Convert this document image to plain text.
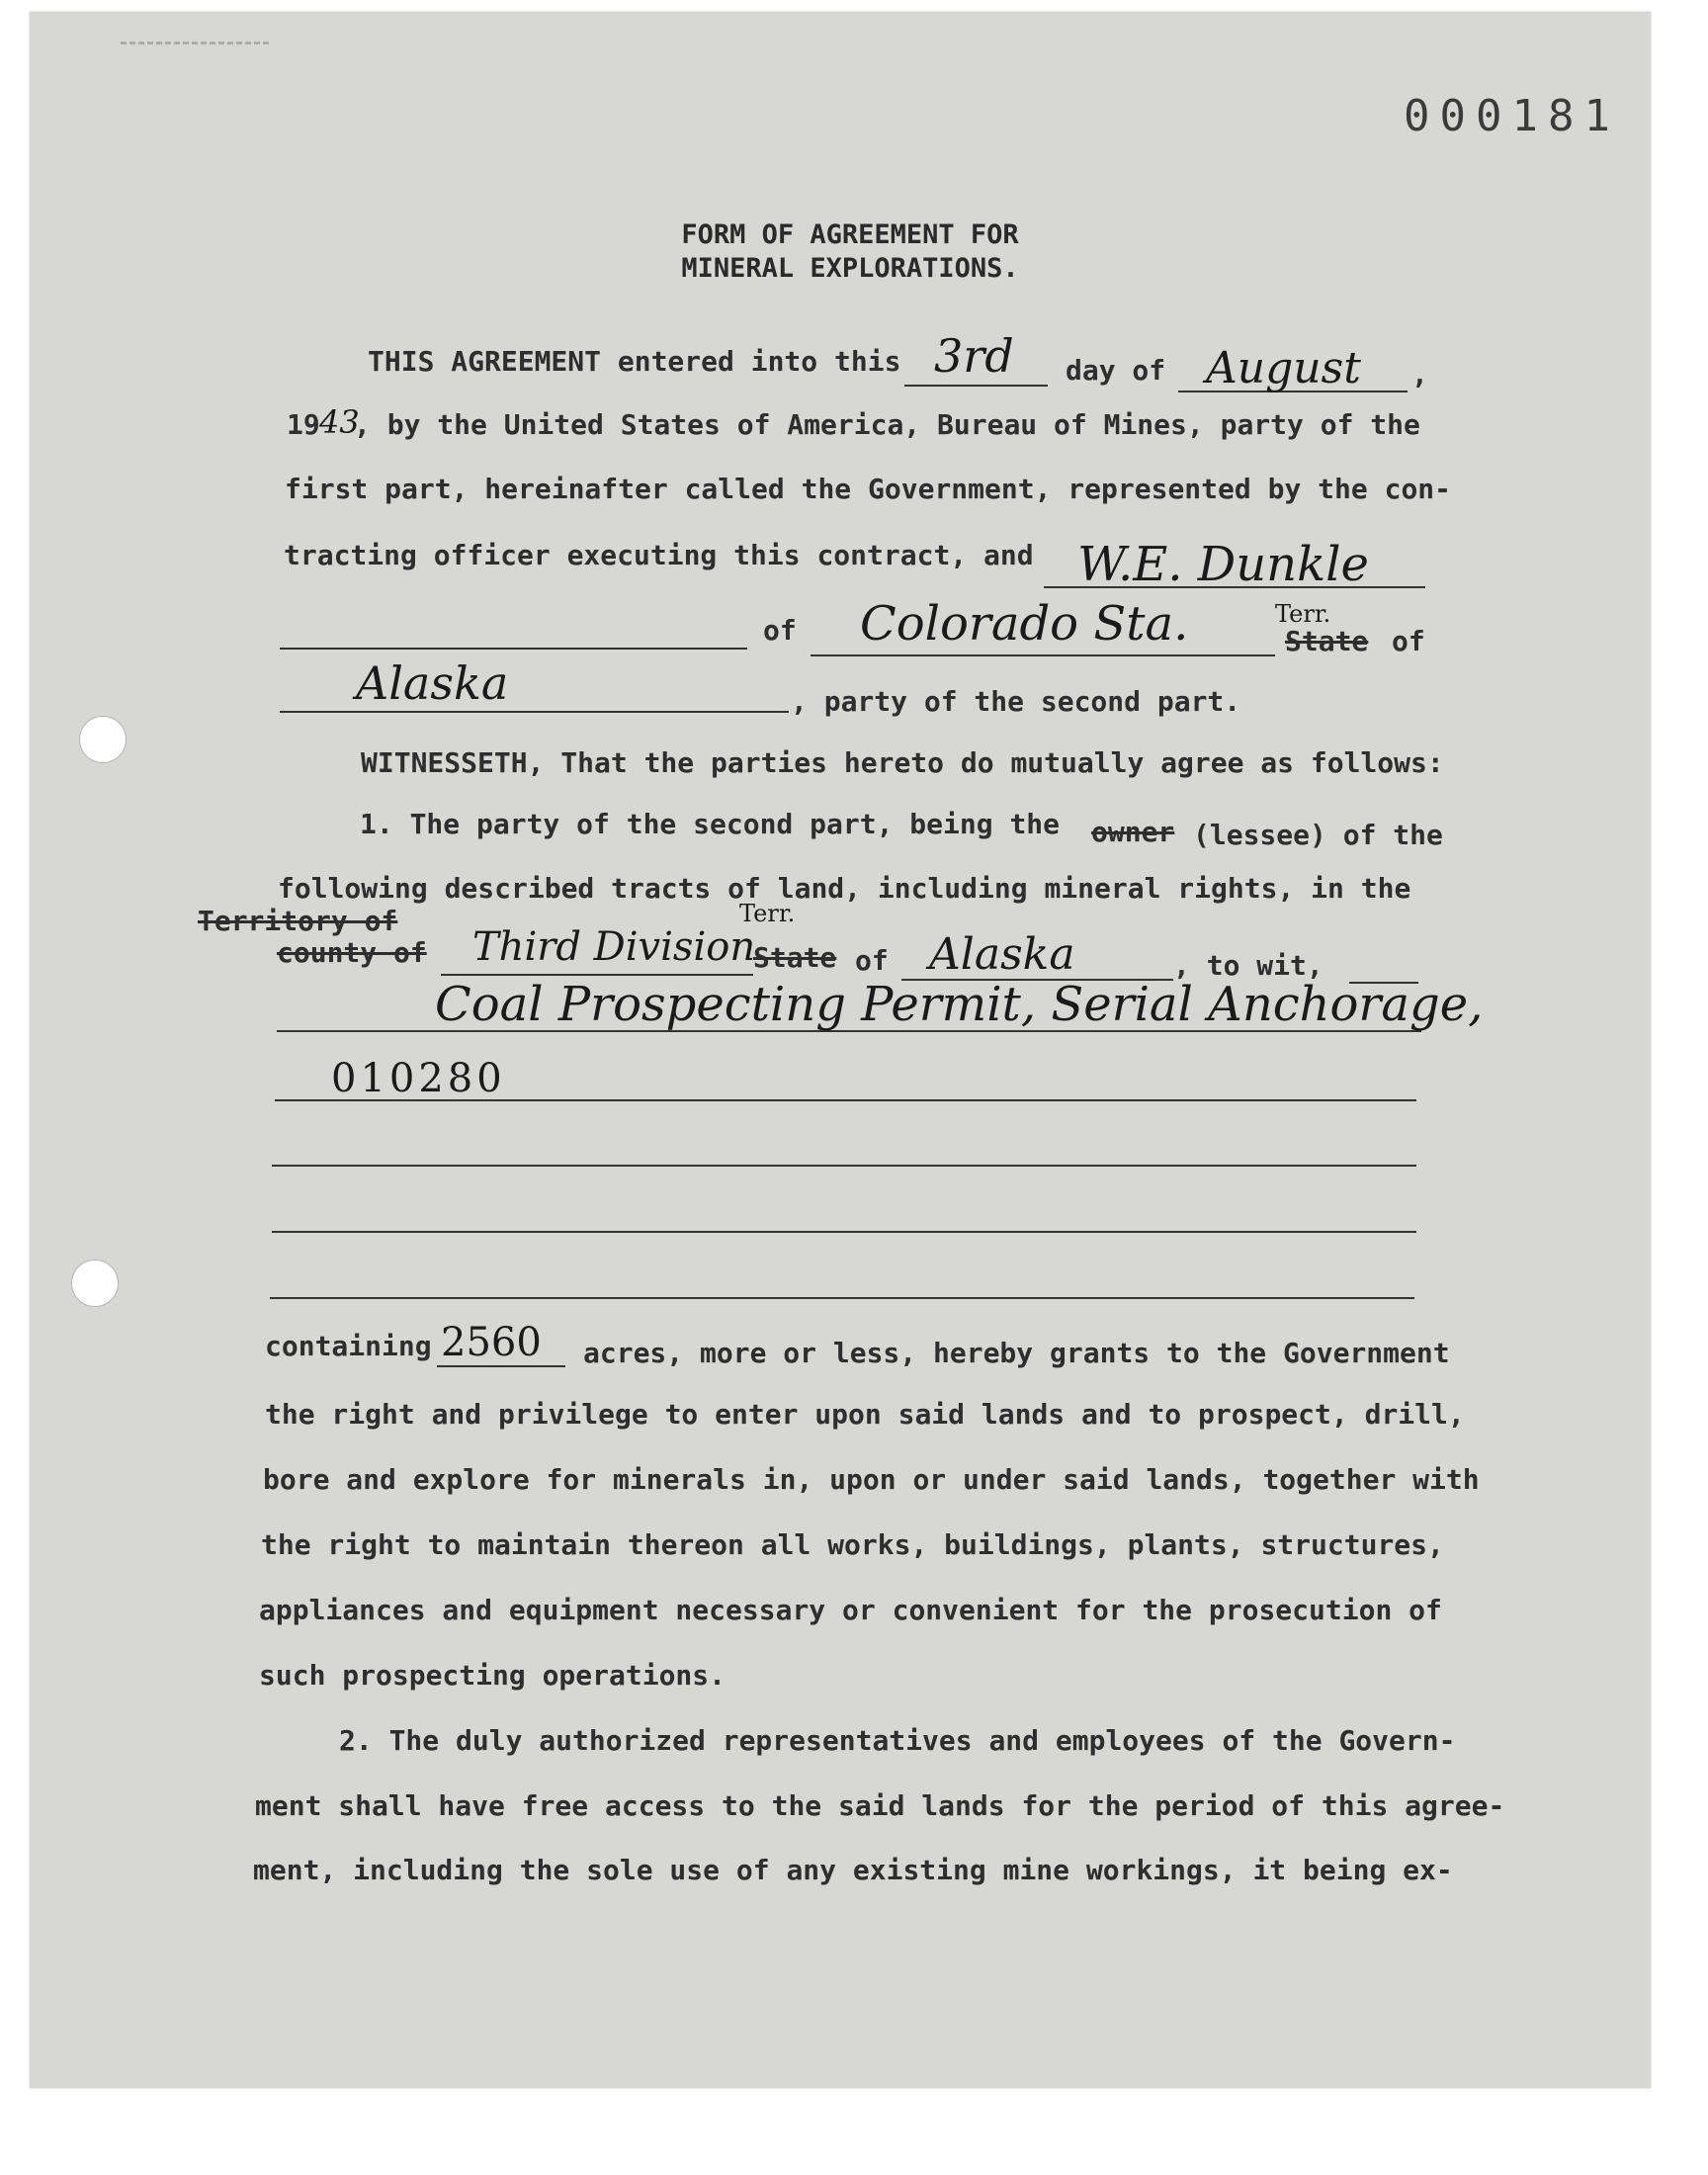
000181
FORM OF AGREEMENT FOR
MINERAL EXPLORATIONS.
THIS AGREEMENT entered into this 3rd day of August ,
19 43
, by the United States of America, Bureau of Mines, party of the
first part, hereinafter called the Government, represented by the con-
tracting officer executing this contract, and W.E. Dunkle
of Colorado Sta.	Terr.
State of
Alaska	, party of the second part.
WITNESSETH, That the parties hereto do mutually agree as follows:
1. The party of the second part, being the owner (lessee) of the
following described tracts of land, including mineral rights, in the
Territory of
county of Third Division
Terr.
State of Alaska	, to wit,
Coal Prospecting Permit, Serial Anchorage,
010280
containing 2560 acres, more or less, hereby grants to the Government
the right and privilege to enter upon said lands and to prospect, drill,
bore and explore for minerals in, upon or under said lands, together with
the right to maintain thereon all works, buildings, plants, structures,
appliances and equipment necessary or convenient for the prosecution of
such prospecting operations.
2. The duly authorized representatives and employees of the Govern-
ment shall have free access to the said lands for the period of this agree-
ment, including the sole use of any existing mine workings, it being ex-
